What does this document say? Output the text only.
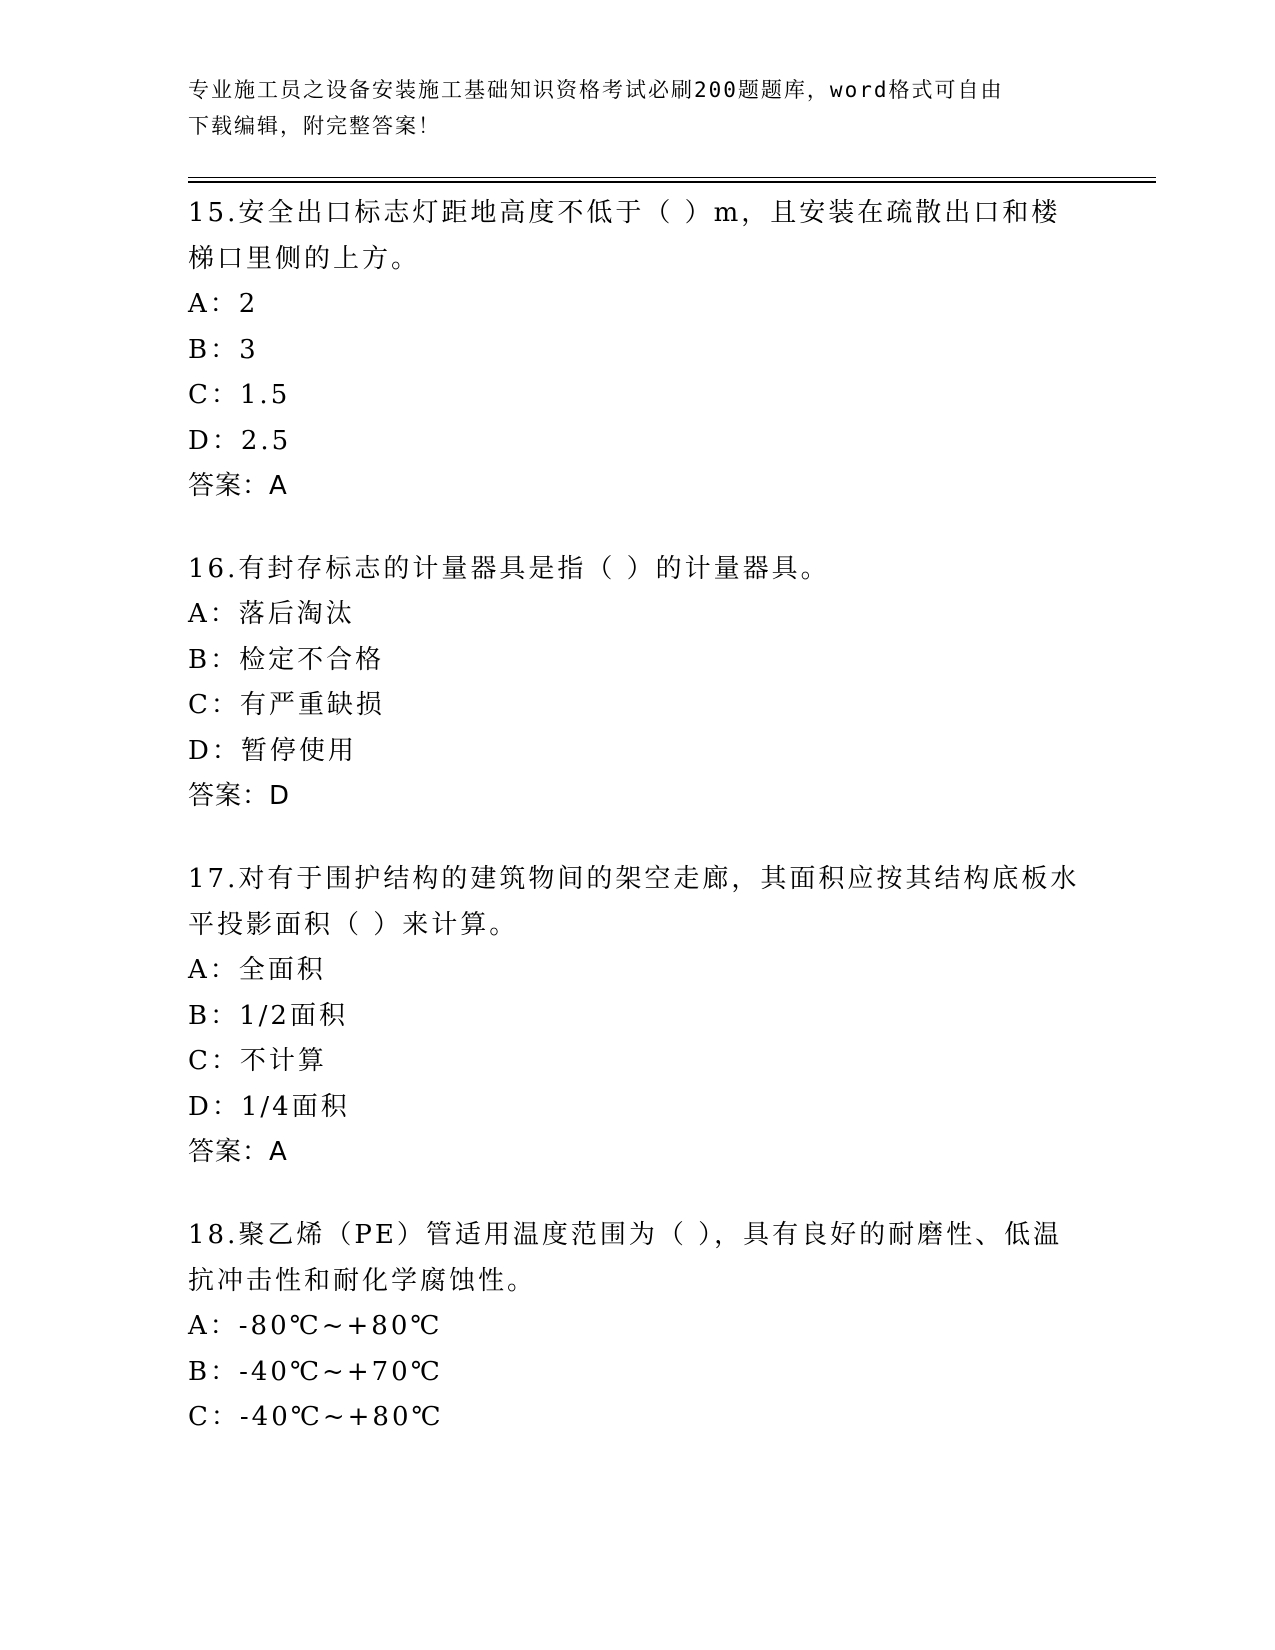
专业施工员之设备安装施工基础知识资格考试必刷200题题库，word格式可自由
下载编辑，附完整答案！
15.安全出口标志灯距地高度不低于（ ）m，且安装在疏散出口和楼梯口里侧的上方。
A：2
B：3
C：1.5
D：2.5
答案：A
16.有封存标志的计量器具是指（ ）的计量器具。
A：落后淘汰
B：检定不合格
C：有严重缺损
D：暂停使用
答案：D
17.对有于围护结构的建筑物间的架空走廊，其面积应按其结构底板水平投影面积（ ）来计算。
A：全面积
B：1/2面积
C：不计算
D：1/4面积
答案：A
18.聚乙烯（PE）管适用温度范围为（ ），具有良好的耐磨性、低温抗冲击性和耐化学腐蚀性。
A：-80℃~+80℃
B：-40℃~+70℃
C：-40℃~+80℃
